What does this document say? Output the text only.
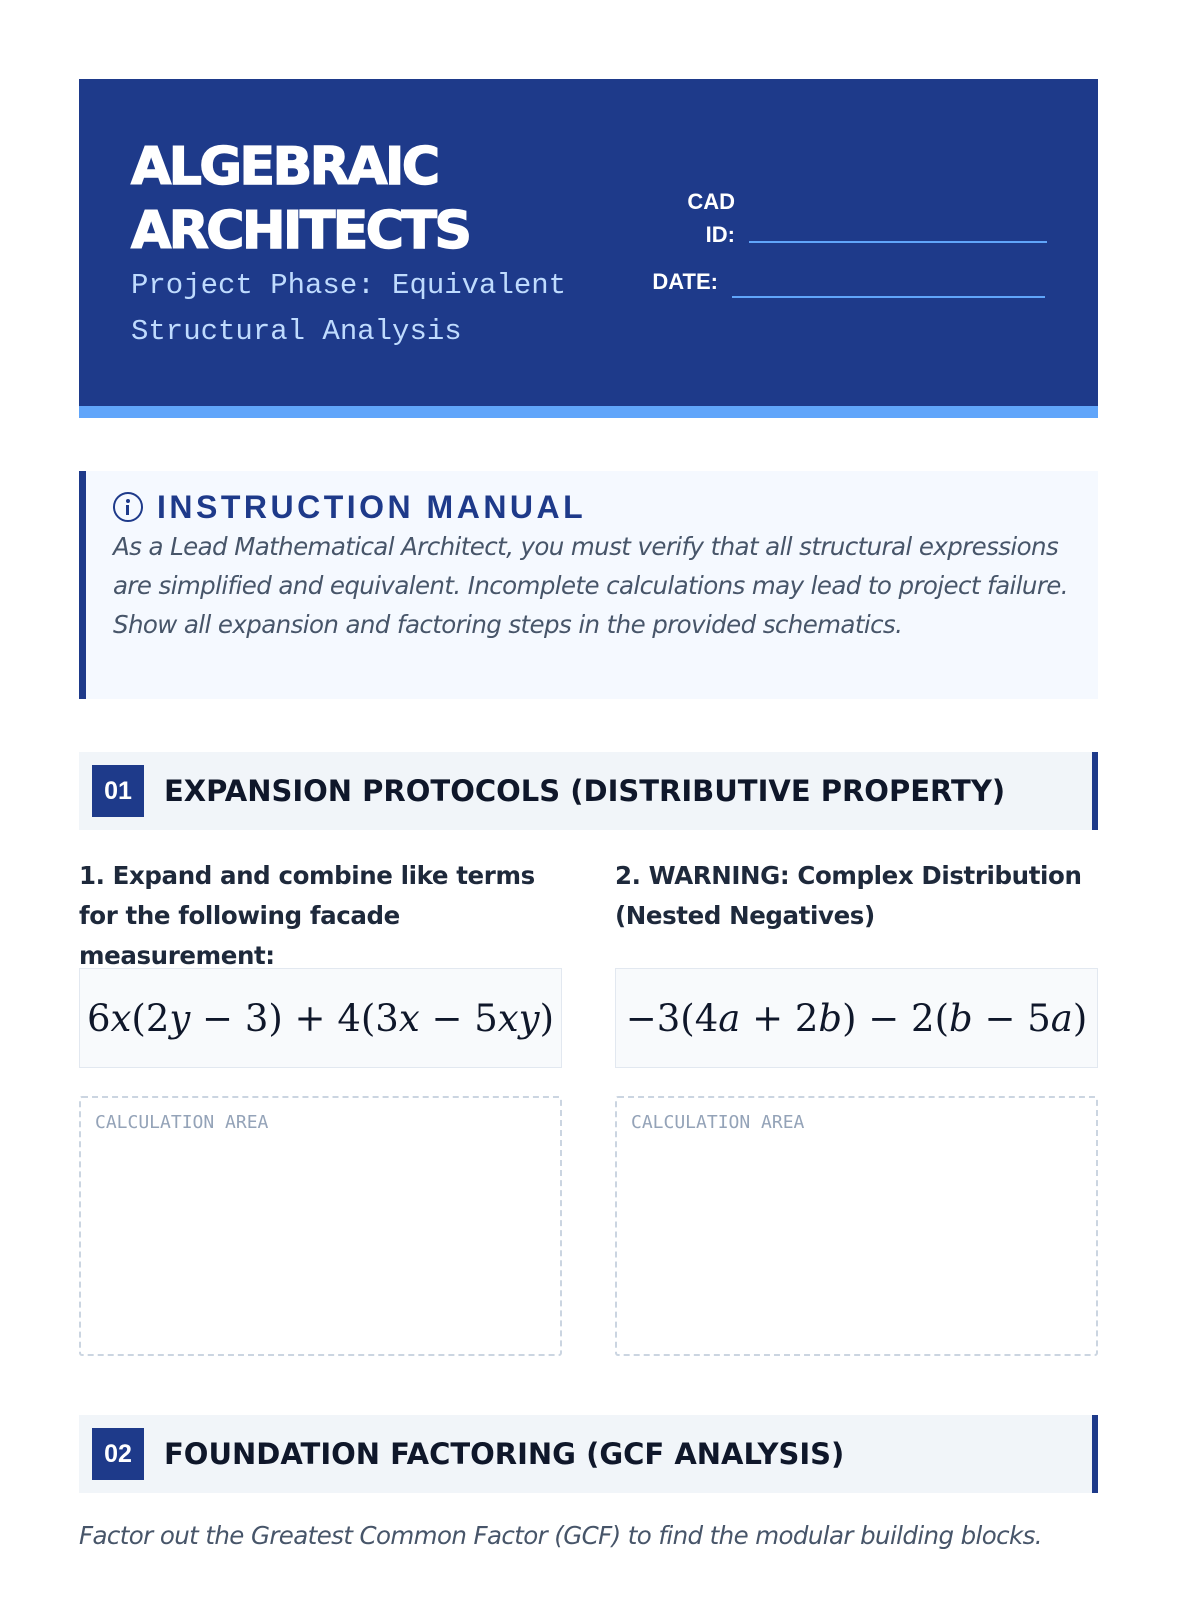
ALGEBRAIC
ARCHITECTS
Project Phase: Equivalent Structural Analysis
CAD
ID:
DATE:
INSTRUCTION MANUAL
As a Lead Mathematical Architect, you must verify that all structural expressions are simplified and equivalent. Incomplete calculations may lead to project failure. Show all expansion and factoring steps in the provided schematics.
01	EXPANSION PROTOCOLS (DISTRIBUTIVE PROPERTY)
1. Expand and combine like terms for the following facade measurement:
6x(2y − 3) + 4(3x − 5xy)
CALCULATION AREA
2. WARNING: Complex Distribution (Nested Negatives)
−3(4a + 2b) − 2(b − 5a)
CALCULATION AREA
02	FOUNDATION FACTORING (GCF ANALYSIS)
Factor out the Greatest Common Factor (GCF) to find the modular building blocks.
